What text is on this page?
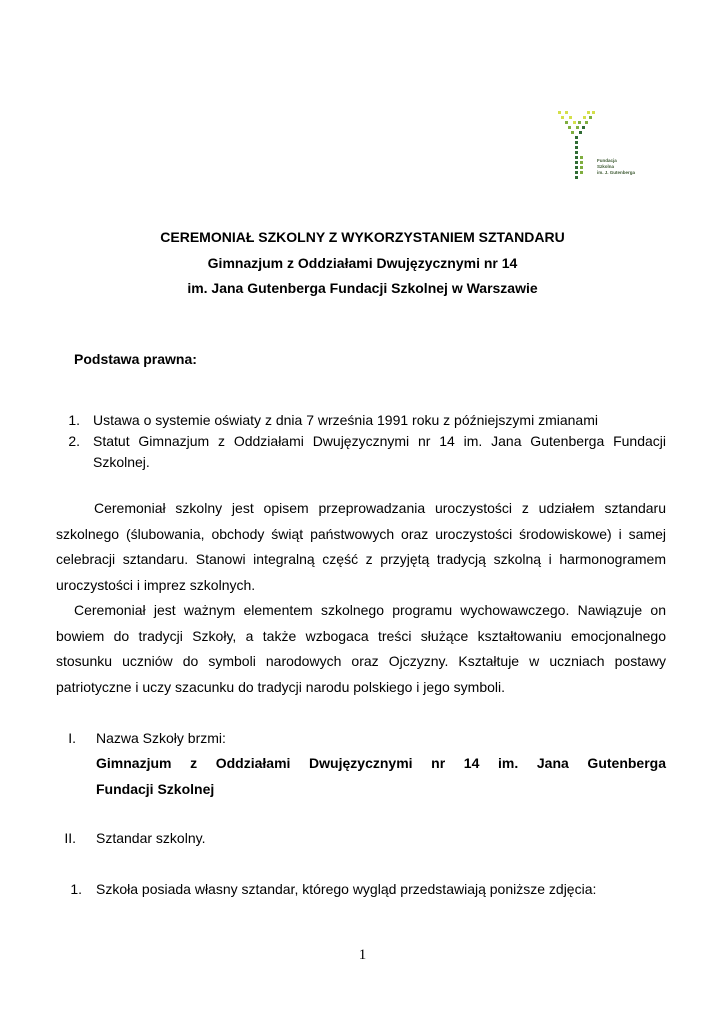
Fundacja
Szkolna
im. J. Gutenberga
CEREMONIAŁ SZKOLNY Z WYKORZYSTANIEM SZTANDARU
Gimnazjum z Oddziałami Dwujęzycznymi nr 14
im. Jana Gutenberga Fundacji Szkolnej w Warszawie
Podstawa prawna:
1. Ustawa o systemie oświaty z dnia 7 września 1991 roku z późniejszymi zmianami
2. Statut Gimnazjum z Oddziałami Dwujęzycznymi nr 14 im. Jana Gutenberga Fundacji Szkolnej.
Ceremoniał szkolny jest opisem przeprowadzania uroczystości z udziałem sztandaru szkolnego (ślubowania, obchody świąt państwowych oraz uroczystości środowiskowe) i samej celebracji sztandaru. Stanowi integralną część z przyjętą tradycją szkolną i harmonogramem uroczystości i imprez szkolnych.
Ceremoniał jest ważnym elementem szkolnego programu wychowawczego. Nawiązuje on bowiem do tradycji Szkoły, a także wzbogaca treści służące kształtowaniu emocjonalnego stosunku uczniów do symboli narodowych oraz Ojczyzny. Kształtuje w uczniach postawy patriotyczne i uczy szacunku do tradycji narodu polskiego i jego symboli.
I. Nazwa Szkoły brzmi:
Gimnazjum z Oddziałami Dwujęzycznymi nr 14 im. Jana Gutenberga
Fundacji Szkolnej
II. Sztandar szkolny.
1. Szkoła posiada własny sztandar, którego wygląd przedstawiają poniższe zdjęcia:
1
